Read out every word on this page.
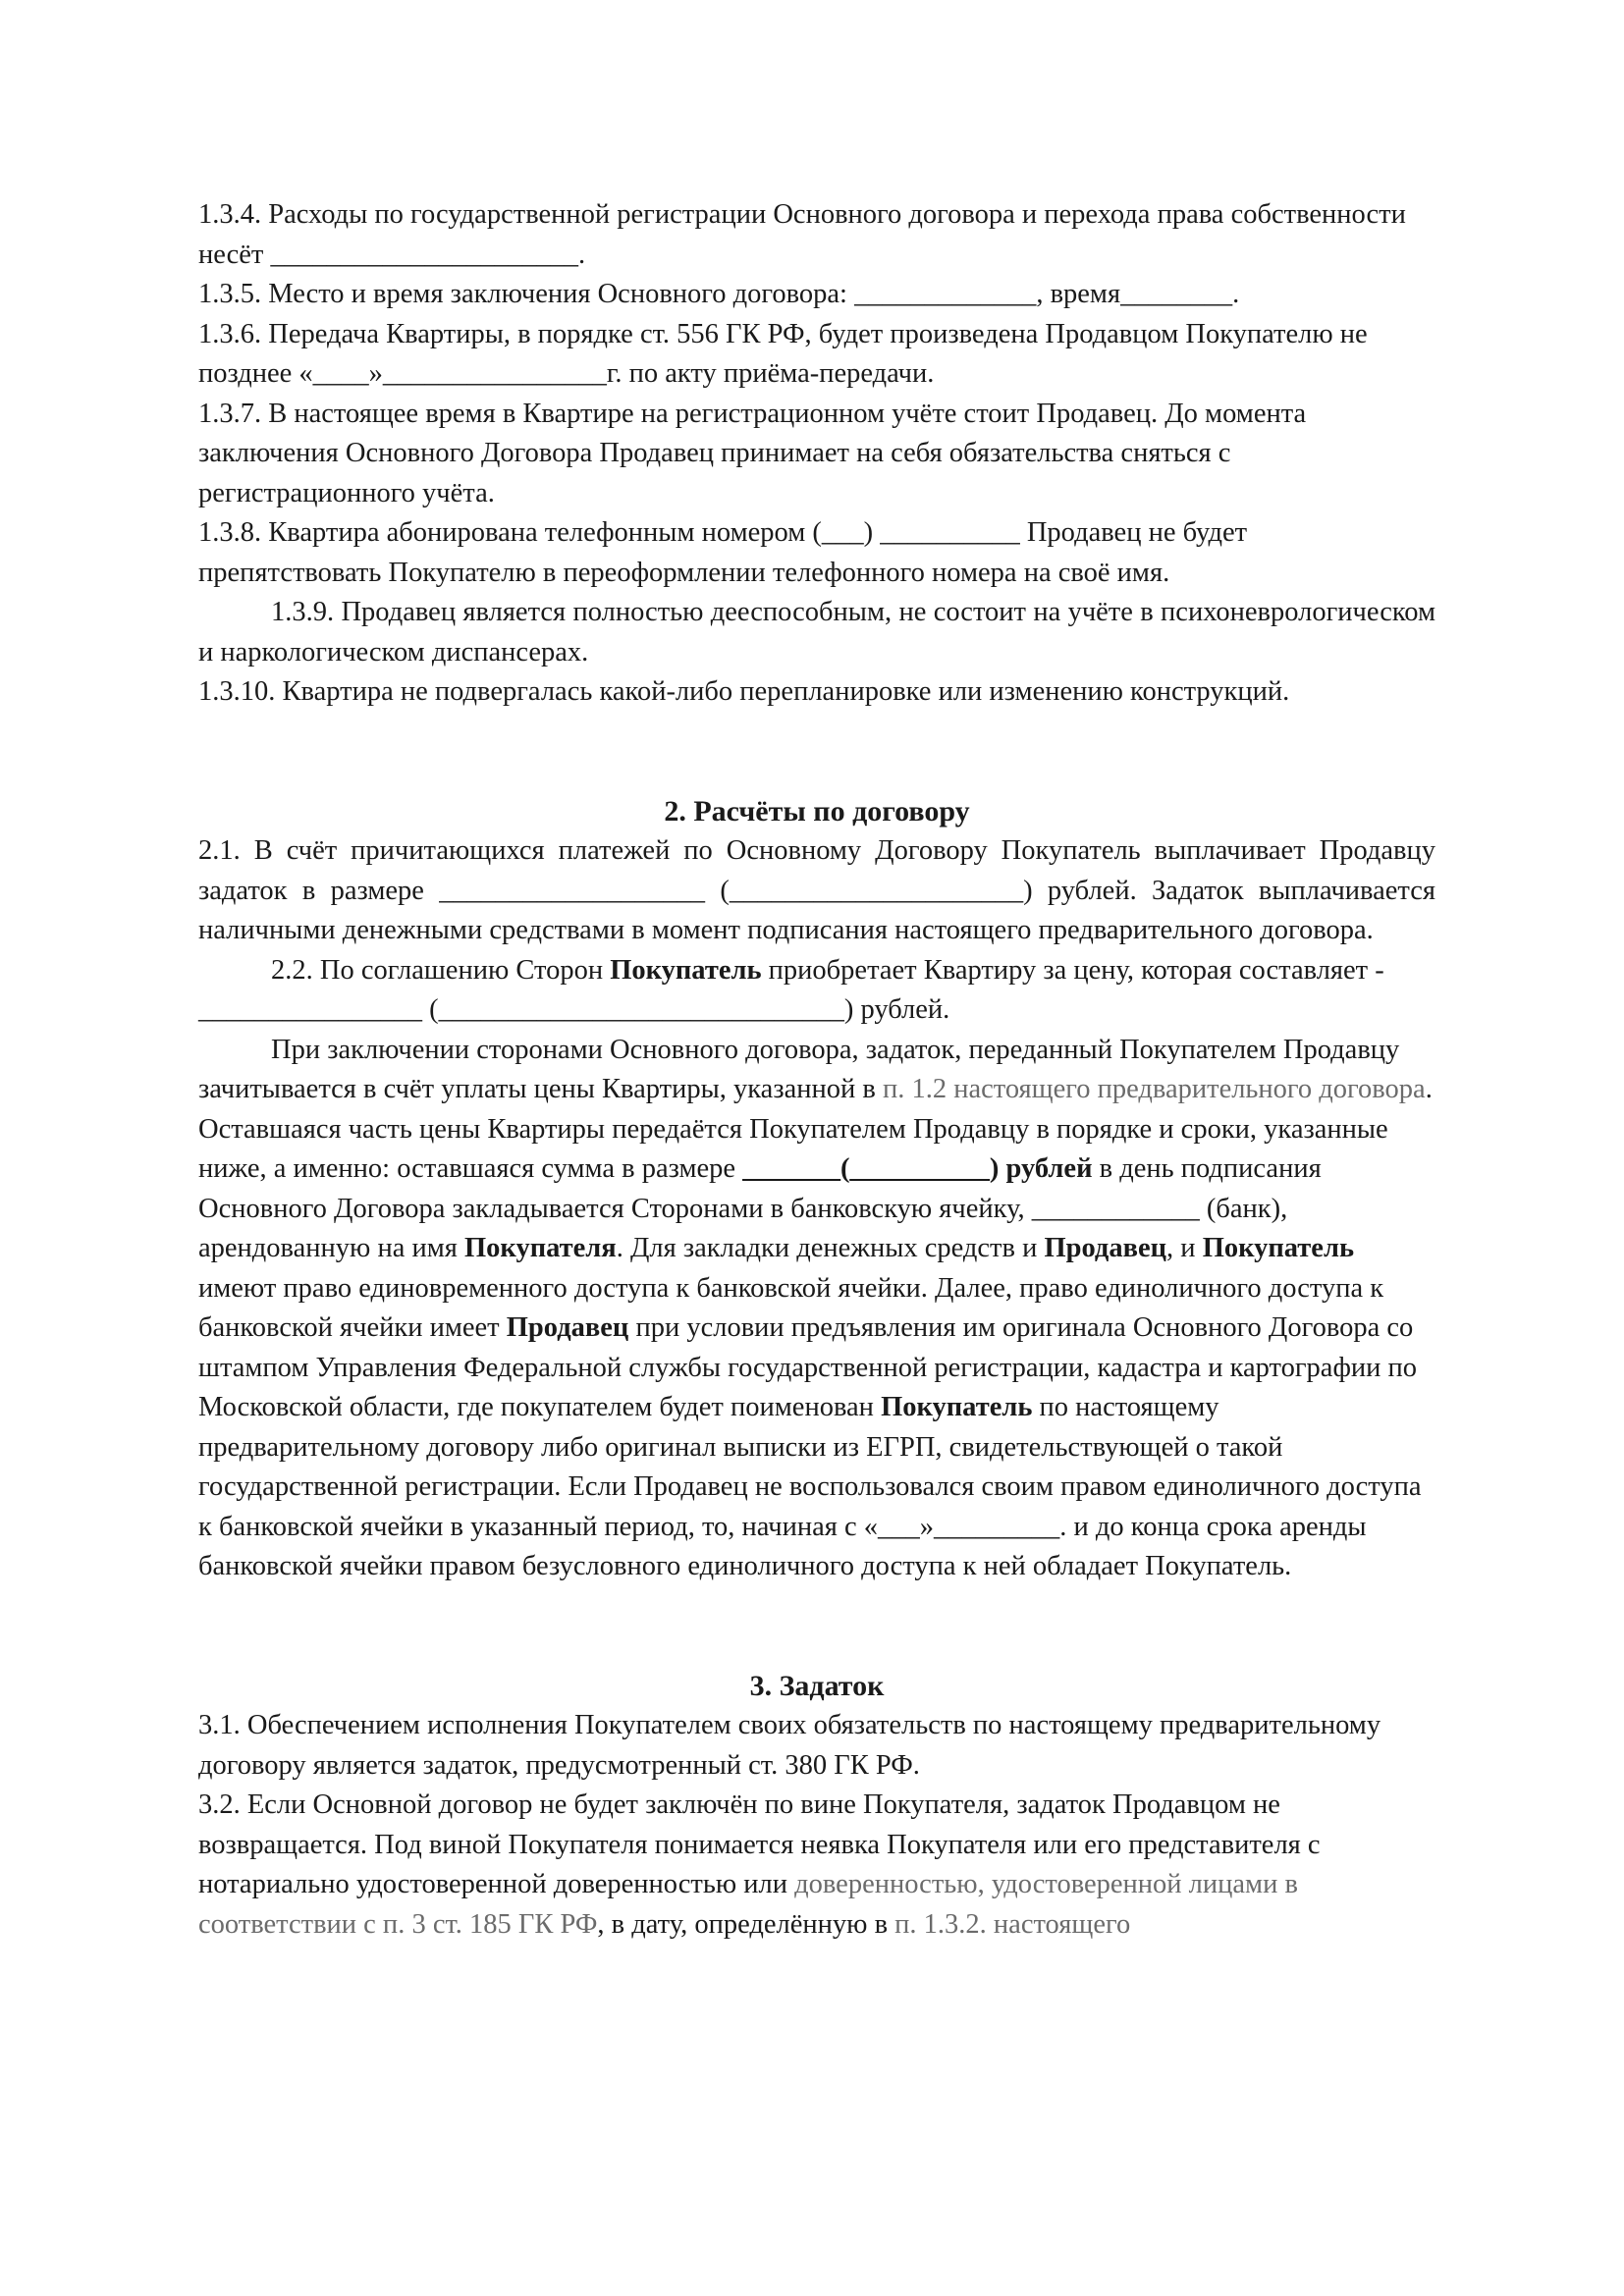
1.3.4. Расходы по государственной регистрации Основного договора и перехода права собственности несёт ______________________.

1.3.5. Место и время заключения Основного договора: _____________, время________.

1.3.6. Передача Квартиры, в порядке ст. 556 ГК РФ, будет произведена Продавцом Покупателю не позднее «____»________________г. по акту приёма-передачи.

1.3.7. В настоящее время в Квартире на регистрационном учёте стоит Продавец. До момента заключения Основного Договора Продавец принимает на себя обязательства сняться с регистрационного учёта.

1.3.8. Квартира абонирована телефонным номером (___) __________ Продавец не будет препятствовать Покупателю в переоформлении телефонного номера на своё имя.

1.3.9. Продавец является полностью дееспособным, не состоит на учёте в психоневрологическом и наркологическом диспансерах.

1.3.10. Квартира не подвергалась какой-либо перепланировке или изменению конструкций.

2. Расчёты по договору

2.1. В счёт причитающихся платежей по Основному Договору Покупатель выплачивает Продавцу задаток в размере ___________________ (_____________________) рублей. Задаток выплачивается наличными денежными средствами в момент подписания настоящего предварительного договора.

2.2. По соглашению Сторон Покупатель приобретает Квартиру за цену, которая составляет - ________________ (_____________________________) рублей.

При заключении сторонами Основного договора, задаток, переданный Покупателем Продавцу зачитывается в счёт уплаты цены Квартиры, указанной в п. 1.2 настоящего предварительного договора. Оставшаяся часть цены Квартиры передаётся Покупателем Продавцу в порядке и сроки, указанные ниже, а именно: оставшаяся сумма в размере _______(__________) рублей в день подписания Основного Договора закладывается Сторонами в банковскую ячейку, ____________ (банк), арендованную на имя Покупателя. Для закладки денежных средств и Продавец, и Покупатель имеют право единовременного доступа к банковской ячейки. Далее, право единоличного доступа к банковской ячейки имеет Продавец при условии предъявления им оригинала Основного Договора со штампом Управления Федеральной службы государственной регистрации, кадастра и картографии по Московской области, где покупателем будет поименован Покупатель по настоящему предварительному договору либо оригинал выписки из ЕГРП, свидетельствующей о такой государственной регистрации. Если Продавец не воспользовался своим правом единоличного доступа к банковской ячейки в указанный период, то, начиная с «___»_________. и до конца срока аренды банковской ячейки правом безусловного единоличного доступа к ней обладает Покупатель.

3. Задаток

3.1. Обеспечением исполнения Покупателем своих обязательств по настоящему предварительному договору является задаток, предусмотренный ст. 380 ГК РФ.

3.2. Если Основной договор не будет заключён по вине Покупателя, задаток Продавцом не возвращается. Под виной Покупателя понимается неявка Покупателя или его представителя с нотариально удостоверенной доверенностью или доверенностью, удостоверенной лицами в соответствии с п. 3 ст. 185 ГК РФ, в дату, определённую в п. 1.3.2. настоящего
